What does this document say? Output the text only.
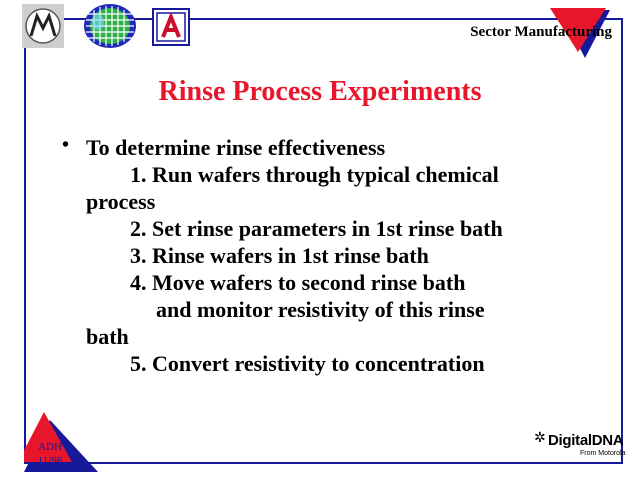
Sector Manufacturing
Rinse Process Experiments
• To determine rinse effectiveness
1. Run wafers through typical chemical
process
2. Set rinse parameters in 1st rinse bath
3. Rinse wafers in 1st rinse bath
4. Move wafers to second rinse bath
and monitor resistivity of this rinse
bath
5. Convert resistivity to concentration
ADH
11/98
✲ DigitalDNA
From Motorola
